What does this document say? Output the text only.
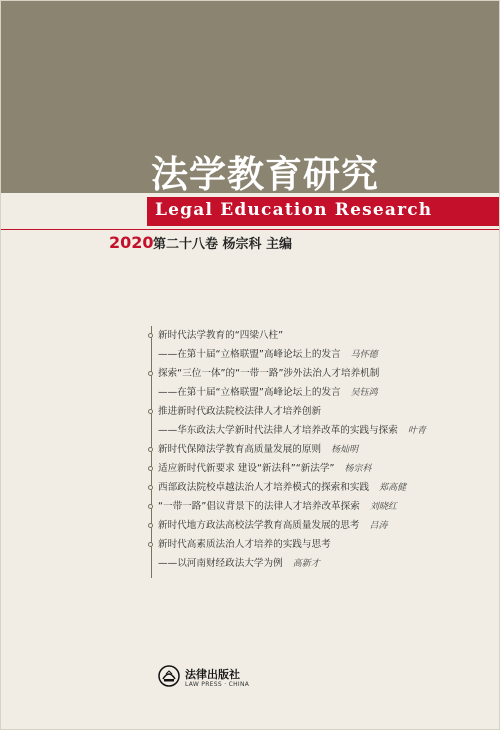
法学教育研究
Legal Education Research
2020 第二十八卷 杨宗科 主编
新时代法学教育的“四梁八柱”
——在第十届“立格联盟”高峰论坛上的发言 马怀德
探索“三位一体”的“一带一路”涉外法治人才培养机制
——在第十届“立格联盟”高峰论坛上的发言 吴钰鸿
推进新时代政法院校法律人才培养创新
——华东政法大学新时代法律人才培养改革的实践与探索 叶青
新时代保障法学教育高质量发展的原则 杨灿明
适应新时代新要求 建设“新法科”“新法学” 杨宗科
西部政法院校卓越法治人才培养模式的探索和实践 郑高健
“一带一路”倡议背景下的法律人才培养改革探索 刘晓红
新时代地方政法高校法学教育高质量发展的思考 吕涛
新时代高素质法治人才培养的实践与思考
——以河南财经政法大学为例 高新才
法律出版社
LAW PRESS · CHINA
